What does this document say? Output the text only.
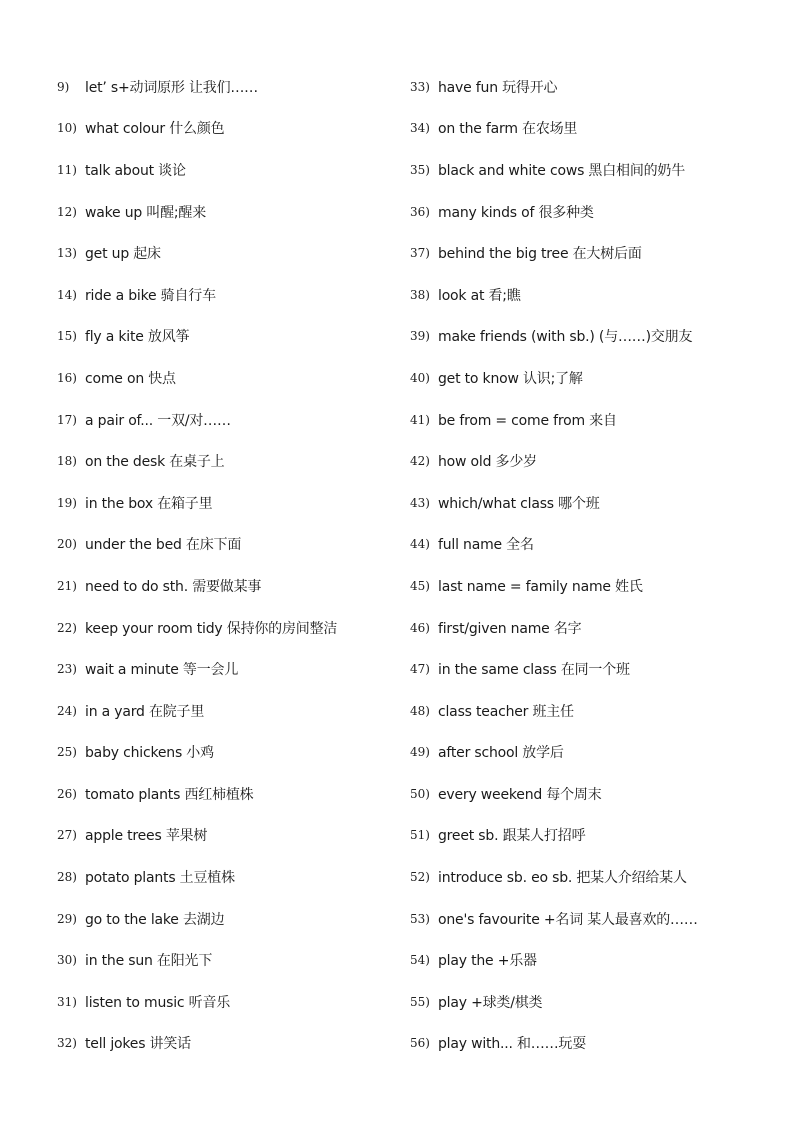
9)	let’ s+动词原形 让我们……
10) what colour 什么颜色
11) talk about 谈论
12) wake up 叫醒;醒来
13) get up 起床
14) ride a bike 骑自行车
15) fly a kite 放风筝
16) come on 快点
17) a pair of... 一双/对……
18) on the desk 在桌子上
19) in the box 在箱子里
20) under the bed 在床下面
21) need to do sth. 需要做某事
22) keep your room tidy 保持你的房间整洁
23) wait a minute 等一会儿
24) in a yard 在院子里
25) baby chickens 小鸡
26) tomato plants 西红柿植株
27) apple trees 苹果树
28) potato plants 土豆植株
29) go to the lake 去湖边
30) in the sun 在阳光下
31) listen to music 听音乐
32) tell jokes 讲笑话
33) have fun 玩得开心
34) on the farm 在农场里
35) black and white cows 黑白相间的奶牛
36) many kinds of 很多种类
37) behind the big tree 在大树后面
38) look at 看;瞧
39) make friends (with sb.) (与……)交朋友
40) get to know 认识;了解
41) be from = come from 来自
42) how old 多少岁
43) which/what class 哪个班
44) full name 全名
45) last name = family name 姓氏
46) first/given name 名字
47) in the same class 在同一个班
48) class teacher 班主任
49) after school 放学后
50) every weekend 每个周末
51) greet sb. 跟某人打招呼
52) introduce sb. eo sb. 把某人介绍给某人
53) one's favourite +名词 某人最喜欢的……
54) play the +乐器
55) play +球类/棋类
56) play with... 和……玩耍
